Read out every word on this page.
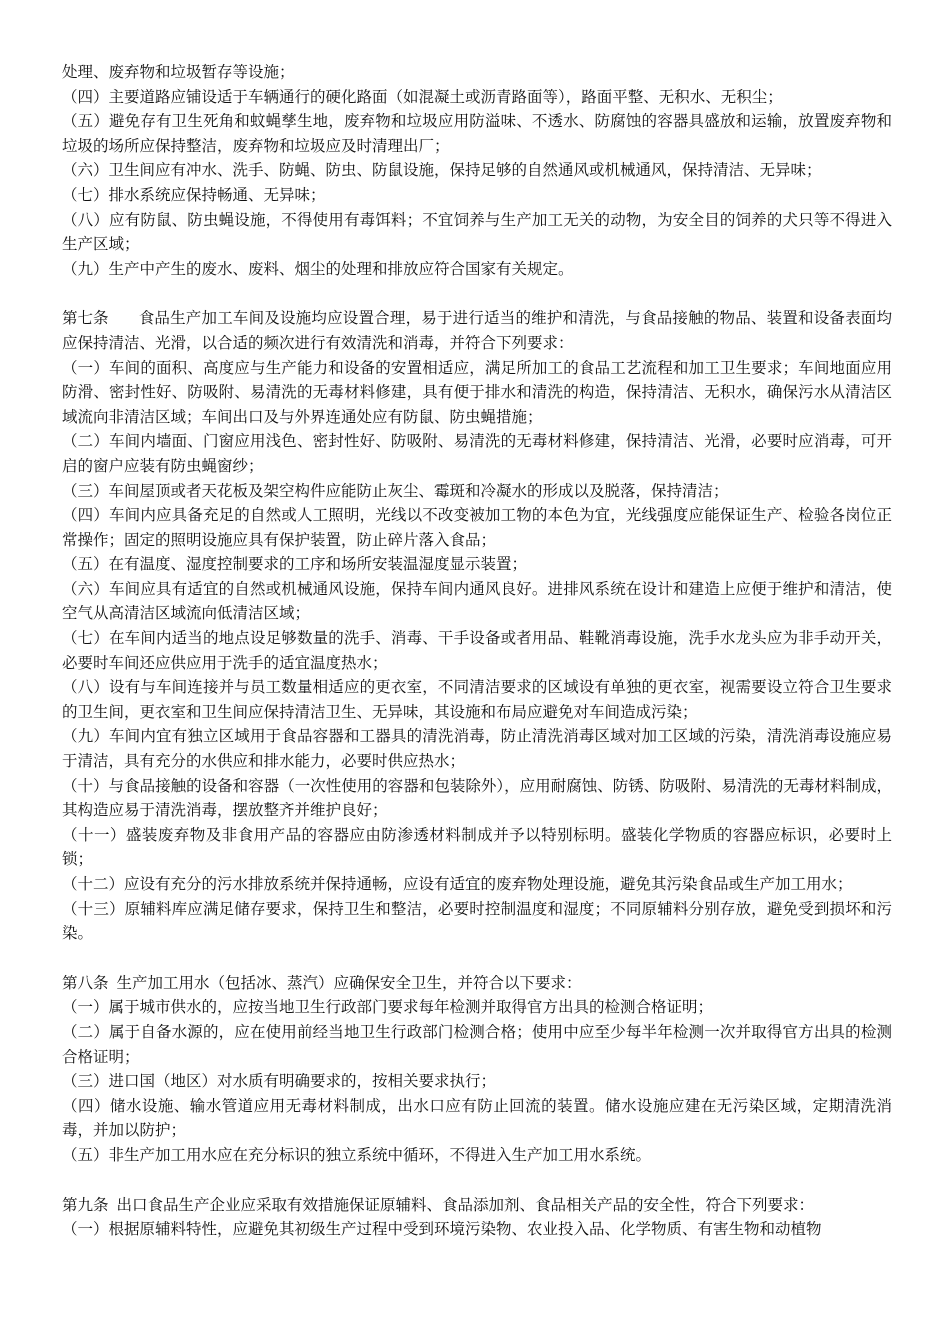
处理、废弃物和垃圾暂存等设施；

（四）主要道路应铺设适于车辆通行的硬化路面（如混凝土或沥青路面等），路面平整、无积水、无积尘；

（五）避免存有卫生死角和蚊蝇孳生地，废弃物和垃圾应用防溢味、不透水、防腐蚀的容器具盛放和运输，放置废弃物和垃圾的场所应保持整洁，废弃物和垃圾应及时清理出厂；

（六）卫生间应有冲水、洗手、防蝇、防虫、防鼠设施，保持足够的自然通风或机械通风，保持清洁、无异味；

（七）排水系统应保持畅通、无异味；

（八）应有防鼠、防虫蝇设施，不得使用有毒饵料；不宜饲养与生产加工无关的动物，为安全目的饲养的犬只等不得进入生产区域；

（九）生产中产生的废水、废料、烟尘的处理和排放应符合国家有关规定。

第七条 食品生产加工车间及设施均应设置合理，易于进行适当的维护和清洗，与食品接触的物品、装置和设备表面均应保持清洁、光滑，以合适的频次进行有效清洗和消毒，并符合下列要求：

（一）车间的面积、高度应与生产能力和设备的安置相适应，满足所加工的食品工艺流程和加工卫生要求；车间地面应用防滑、密封性好、防吸附、易清洗的无毒材料修建，具有便于排水和清洗的构造，保持清洁、无积水，确保污水从清洁区域流向非清洁区域；车间出口及与外界连通处应有防鼠、防虫蝇措施；

（二）车间内墙面、门窗应用浅色、密封性好、防吸附、易清洗的无毒材料修建，保持清洁、光滑，必要时应消毒，可开启的窗户应装有防虫蝇窗纱；

（三）车间屋顶或者天花板及架空构件应能防止灰尘、霉斑和冷凝水的形成以及脱落，保持清洁；

（四）车间内应具备充足的自然或人工照明，光线以不改变被加工物的本色为宜，光线强度应能保证生产、检验各岗位正常操作；固定的照明设施应具有保护装置，防止碎片落入食品；

（五）在有温度、湿度控制要求的工序和场所安装温湿度显示装置；

（六）车间应具有适宜的自然或机械通风设施，保持车间内通风良好。进排风系统在设计和建造上应便于维护和清洁，使空气从高清洁区域流向低清洁区域；

（七）在车间内适当的地点设足够数量的洗手、消毒、干手设备或者用品、鞋靴消毒设施，洗手水龙头应为非手动开关，必要时车间还应供应用于洗手的适宜温度热水；

（八）设有与车间连接并与员工数量相适应的更衣室，不同清洁要求的区域设有单独的更衣室，视需要设立符合卫生要求的卫生间，更衣室和卫生间应保持清洁卫生、无异味，其设施和布局应避免对车间造成污染；

（九）车间内宜有独立区域用于食品容器和工器具的清洗消毒，防止清洗消毒区域对加工区域的污染，清洗消毒设施应易于清洁，具有充分的水供应和排水能力，必要时供应热水；

（十）与食品接触的设备和容器（一次性使用的容器和包装除外），应用耐腐蚀、防锈、防吸附、易清洗的无毒材料制成，其构造应易于清洗消毒，摆放整齐并维护良好；

（十一）盛装废弃物及非食用产品的容器应由防渗透材料制成并予以特别标明。盛装化学物质的容器应标识，必要时上锁；

（十二）应设有充分的污水排放系统并保持通畅，应设有适宜的废弃物处理设施，避免其污染食品或生产加工用水；

（十三）原辅料库应满足储存要求，保持卫生和整洁，必要时控制温度和湿度；不同原辅料分别存放，避免受到损坏和污染。

第八条 生产加工用水（包括冰、蒸汽）应确保安全卫生，并符合以下要求：

（一）属于城市供水的，应按当地卫生行政部门要求每年检测并取得官方出具的检测合格证明；

（二）属于自备水源的，应在使用前经当地卫生行政部门检测合格；使用中应至少每半年检测一次并取得官方出具的检测合格证明；

（三）进口国（地区）对水质有明确要求的，按相关要求执行；

（四）储水设施、输水管道应用无毒材料制成，出水口应有防止回流的装置。储水设施应建在无污染区域，定期清洗消毒，并加以防护；

（五）非生产加工用水应在充分标识的独立系统中循环，不得进入生产加工用水系统。

第九条 出口食品生产企业应采取有效措施保证原辅料、食品添加剂、食品相关产品的安全性，符合下列要求：

（一）根据原辅料特性，应避免其初级生产过程中受到环境污染物、农业投入品、化学物质、有害生物和动植物
